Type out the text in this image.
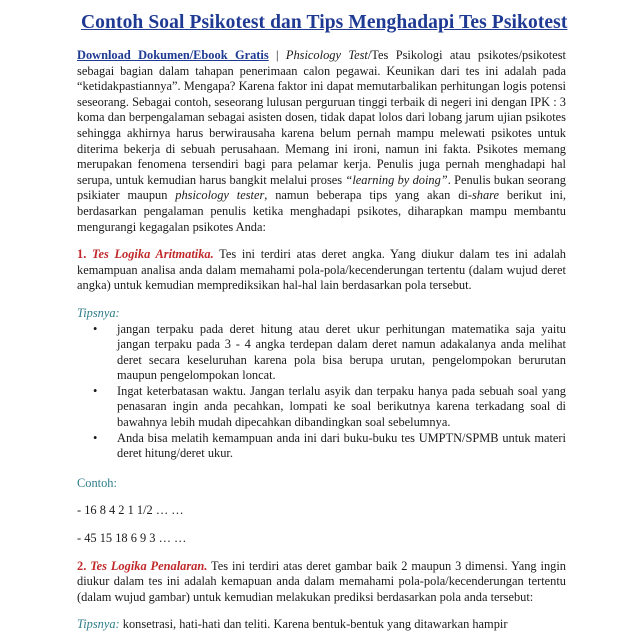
Contoh Soal Psikotest dan Tips Menghadapi Tes Psikotest

Download Dokumen/Ebook Gratis | Phsicology Test/Tes Psikologi atau psikotes/psikotest sebagai bagian dalam tahapan penerimaan calon pegawai. Keunikan dari tes ini adalah pada “ketidakpastiannya”. Mengapa? Karena faktor ini dapat memutarbalikan perhitungan logis potensi seseorang. Sebagai contoh, seseorang lulusan perguruan tinggi terbaik di negeri ini dengan IPK : 3 koma dan berpengalaman sebagai asisten dosen, tidak dapat lolos dari lobang jarum ujian psikotes sehingga akhirnya harus berwirausaha karena belum pernah mampu melewati psikotes untuk diterima bekerja di sebuah perusahaan. Memang ini ironi, namun ini fakta. Psikotes memang merupakan fenomena tersendiri bagi para pelamar kerja. Penulis juga pernah menghadapi hal serupa, untuk kemudian harus bangkit melalui proses “learning by doing”. Penulis bukan seorang psikiater maupun phsicology tester, namun beberapa tips yang akan di-share berikut ini, berdasarkan pengalaman penulis ketika menghadapi psikotes, diharapkan mampu membantu mengurangi kegagalan psikotes Anda:

1. Tes Logika Aritmatika. Tes ini terdiri atas deret angka. Yang diukur dalam tes ini adalah kemampuan analisa anda dalam memahami pola-pola/kecenderungan tertentu (dalam wujud deret angka) untuk kemudian memprediksikan hal-hal lain berdasarkan pola tersebut.

Tipsnya:

• jangan terpaku pada deret hitung atau deret ukur perhitungan matematika saja yaitu jangan terpaku pada 3 - 4 angka terdepan dalam deret namun adakalanya anda melihat deret secara keseluruhan karena pola bisa berupa urutan, pengelompokan berurutan maupun pengelompokan loncat.
• Ingat keterbatasan waktu. Jangan terlalu asyik dan terpaku hanya pada sebuah soal yang penasaran ingin anda pecahkan, lompati ke soal berikutnya karena terkadang soal di bawahnya lebih mudah dipecahkan dibandingkan soal sebelumnya.
• Anda bisa melatih kemampuan anda ini dari buku-buku tes UMPTN/SPMB untuk materi deret hitung/deret ukur.

Contoh:

- 16 8 4 2 1 1/2 … …

- 45 15 18 6 9 3 … …

2. Tes Logika Penalaran. Tes ini terdiri atas deret gambar baik 2 maupun 3 dimensi. Yang ingin diukur dalam tes ini adalah kemapuan anda dalam memahami pola-pola/kecenderungan tertentu (dalam wujud gambar) untuk kemudian melakukan prediksi berdasarkan pola anda tersebut:

Tipsnya: konsetrasi, hati-hati dan teliti. Karena bentuk-bentuk yang ditawarkan hampir
